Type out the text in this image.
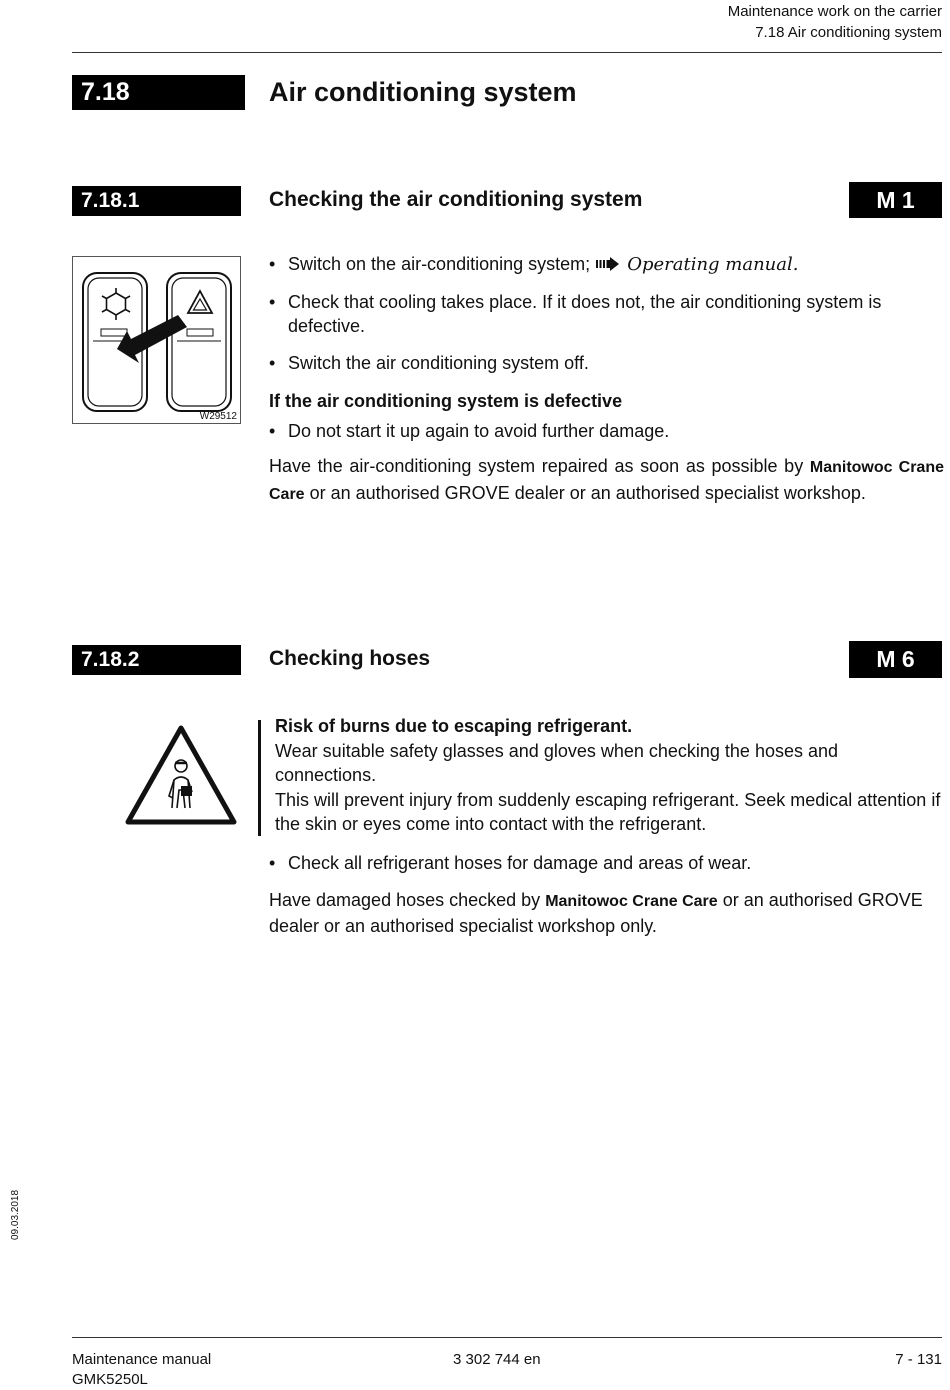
Maintenance work on the carrier
7.18 Air conditioning system
7.18	Air conditioning system
7.18.1	Checking the air conditioning system	M 1
W29512
• Switch on the air-conditioning system; Operating manual.
• Check that cooling takes place. If it does not, the air conditioning system is defective.
• Switch the air conditioning system off.
If the air conditioning system is defective
• Do not start it up again to avoid further damage.
Have the air-conditioning system repaired as soon as possible by Manitowoc Crane Care or an authorised GROVE dealer or an authorised specialist workshop.
7.18.2	Checking hoses	M 6
Risk of burns due to escaping refrigerant.
Wear suitable safety glasses and gloves when checking the hoses and connections.
This will prevent injury from suddenly escaping refrigerant. Seek medical attention if the skin or eyes come into contact with the refrigerant.
• Check all refrigerant hoses for damage and areas of wear.
Have damaged hoses checked by Manitowoc Crane Care or an authorised GROVE dealer or an authorised specialist workshop only.
09.03.2018
Maintenance manual
GMK5250L
3 302 744 en	7 - 131
